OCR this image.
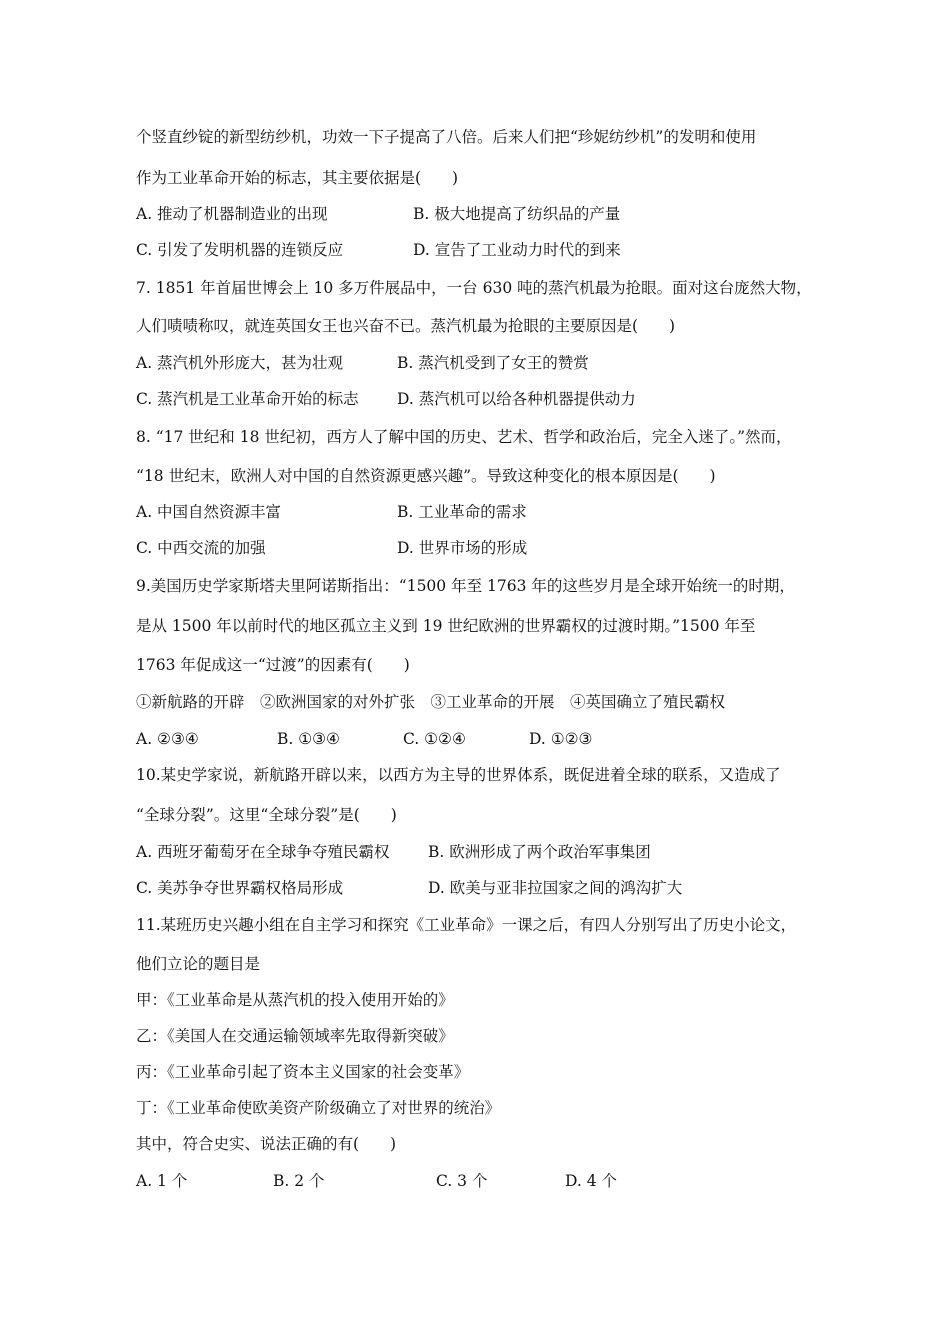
个竖直纱锭的新型纺纱机，功效一下子提高了八倍。后来人们把“珍妮纺纱机”的发明和使用
作为工业革命开始的标志，其主要依据是(　　)
A. 推动了机器制造业的出现	B. 极大地提高了纺织品的产量
C. 引发了发明机器的连锁反应	D. 宣告了工业动力时代的到来
7. 1851 年首届世博会上 10 多万件展品中，一台 630 吨的蒸汽机最为抢眼。面对这台庞然大物，
人们啧啧称叹，就连英国女王也兴奋不已。蒸汽机最为抢眼的主要原因是(　　)
A. 蒸汽机外形庞大，甚为壮观	B. 蒸汽机受到了女王的赞赏
C. 蒸汽机是工业革命开始的标志 D. 蒸汽机可以给各种机器提供动力
8. “17 世纪和 18 世纪初，西方人了解中国的历史、艺术、哲学和政治后，完全入迷了。”然而，
“18 世纪末，欧洲人对中国的自然资源更感兴趣”。导致这种变化的根本原因是(　　)
A. 中国自然资源丰富	B. 工业革命的需求
C. 中西交流的加强	D. 世界市场的形成
9.美国历史学家斯塔夫里阿诺斯指出：“1500 年至 1763 年的这些岁月是全球开始统一的时期，
是从 1500 年以前时代的地区孤立主义到 19 世纪欧洲的世界霸权的过渡时期。”1500 年至
1763 年促成这一“过渡”的因素有(　　)
①新航路的开辟　②欧洲国家的对外扩张　③工业革命的开展　④英国确立了殖民霸权
A. ②③④	B. ①③④	C. ①②④	D. ①②③
10.某史学家说，新航路开辟以来，以西方为主导的世界体系，既促进着全球的联系，又造成了
“全球分裂”。这里“全球分裂”是(　　)
A. 西班牙葡萄牙在全球争夺殖民霸权 B. 欧洲形成了两个政治军事集团
C. 美苏争夺世界霸权格局形成	D. 欧美与亚非拉国家之间的鸿沟扩大
11.某班历史兴趣小组在自主学习和探究《工业革命》一课之后，有四人分别写出了历史小论文，
他们立论的题目是
甲：《工业革命是从蒸汽机的投入使用开始的》
乙：《美国人在交通运输领域率先取得新突破》
丙：《工业革命引起了资本主义国家的社会变革》
丁：《工业革命使欧美资产阶级确立了对世界的统治》
其中，符合史实、说法正确的有(　　)
A. 1 个	B. 2 个	C. 3 个	D. 4 个
